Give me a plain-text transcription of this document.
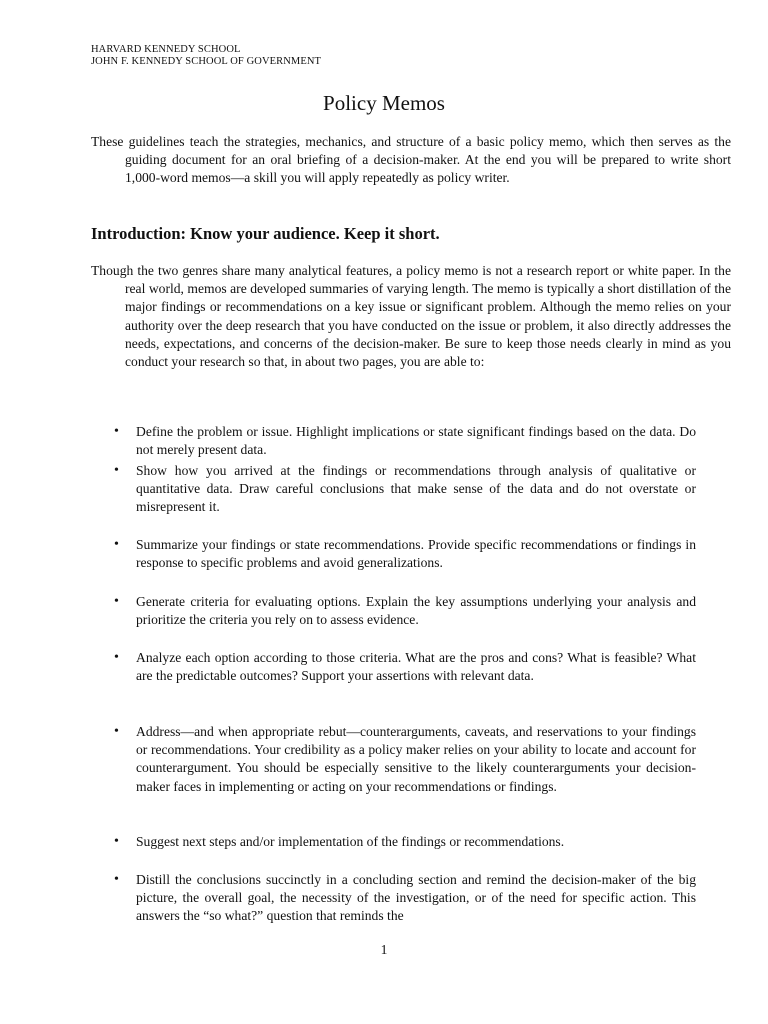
HARVARD KENNEDY SCHOOL
JOHN F. KENNEDY SCHOOL OF GOVERNMENT
Policy Memos
These guidelines teach the strategies, mechanics, and structure of a basic policy memo, which then serves as the guiding document for an oral briefing of a decision-maker. At the end you will be prepared to write short 1,000-word memos—a skill you will apply repeatedly as policy writer.
Introduction: Know your audience. Keep it short.
Though the two genres share many analytical features, a policy memo is not a research report or white paper. In the real world, memos are developed summaries of varying length. The memo is typically a short distillation of the major findings or recommendations on a key issue or significant problem. Although the memo relies on your authority over the deep research that you have conducted on the issue or problem, it also directly addresses the needs, expectations, and concerns of the decision-maker. Be sure to keep those needs clearly in mind as you conduct your research so that, in about two pages, you are able to:
• Define the problem or issue. Highlight implications or state significant findings based on the data. Do not merely present data.
• Show how you arrived at the findings or recommendations through analysis of qualitative or quantitative data. Draw careful conclusions that make sense of the data and do not overstate or misrepresent it.
• Summarize your findings or state recommendations. Provide specific recommendations or findings in response to specific problems and avoid generalizations.
• Generate criteria for evaluating options. Explain the key assumptions underlying your analysis and prioritize the criteria you rely on to assess evidence.
• Analyze each option according to those criteria. What are the pros and cons? What is feasible? What are the predictable outcomes? Support your assertions with relevant data.
• Address—and when appropriate rebut—counterarguments, caveats, and reservations to your findings or recommendations. Your credibility as a policy maker relies on your ability to locate and account for counterargument. You should be especially sensitive to the likely counterarguments your decision-maker faces in implementing or acting on your recommendations or findings.
• Suggest next steps and/or implementation of the findings or recommendations.
• Distill the conclusions succinctly in a concluding section and remind the decision-maker of the big picture, the overall goal, the necessity of the investigation, or of the need for specific action. This answers the “so what?” question that reminds the
1
